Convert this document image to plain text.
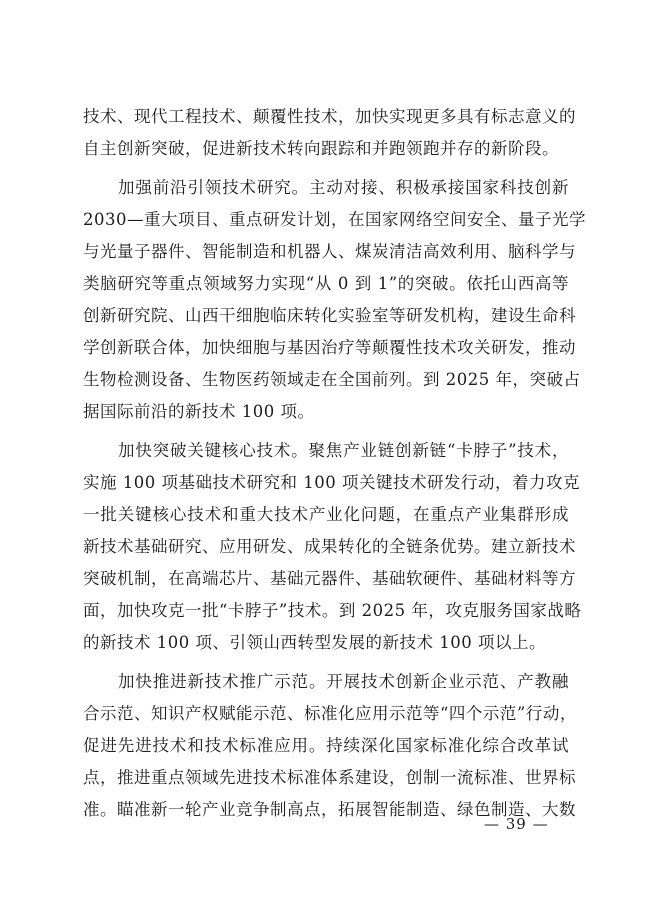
技术、现代工程技术、颠覆性技术，加快实现更多具有标志意义的
自主创新突破，促进新技术转向跟踪和并跑领跑并存的新阶段。
加强前沿引领技术研究。主动对接、积极承接国家科技创新
2030—重大项目、重点研发计划，在国家网络空间安全、量子光学
与光量子器件、智能制造和机器人、煤炭清洁高效利用、脑科学与
类脑研究等重点领域努力实现“从 0 到 1”的突破。依托山西高等
创新研究院、山西干细胞临床转化实验室等研发机构，建设生命科
学创新联合体，加快细胞与基因治疗等颠覆性技术攻关研发，推动
生物检测设备、生物医药领域走在全国前列。到 2025 年，突破占
据国际前沿的新技术 100 项。
加快突破关键核心技术。聚焦产业链创新链“卡脖子”技术，
实施 100 项基础技术研究和 100 项关键技术研发行动，着力攻克
一批关键核心技术和重大技术产业化问题，在重点产业集群形成
新技术基础研究、应用研发、成果转化的全链条优势。建立新技术
突破机制，在高端芯片、基础元器件、基础软硬件、基础材料等方
面，加快攻克一批“卡脖子”技术。到 2025 年，攻克服务国家战略
的新技术 100 项、引领山西转型发展的新技术 100 项以上。
加快推进新技术推广示范。开展技术创新企业示范、产教融
合示范、知识产权赋能示范、标准化应用示范等“四个示范”行动，
促进先进技术和技术标准应用。持续深化国家标准化综合改革试
点，推进重点领域先进技术标准体系建设，创制一流标准、世界标
准。瞄准新一轮产业竞争制高点，拓展智能制造、绿色制造、大数
— 39 —
